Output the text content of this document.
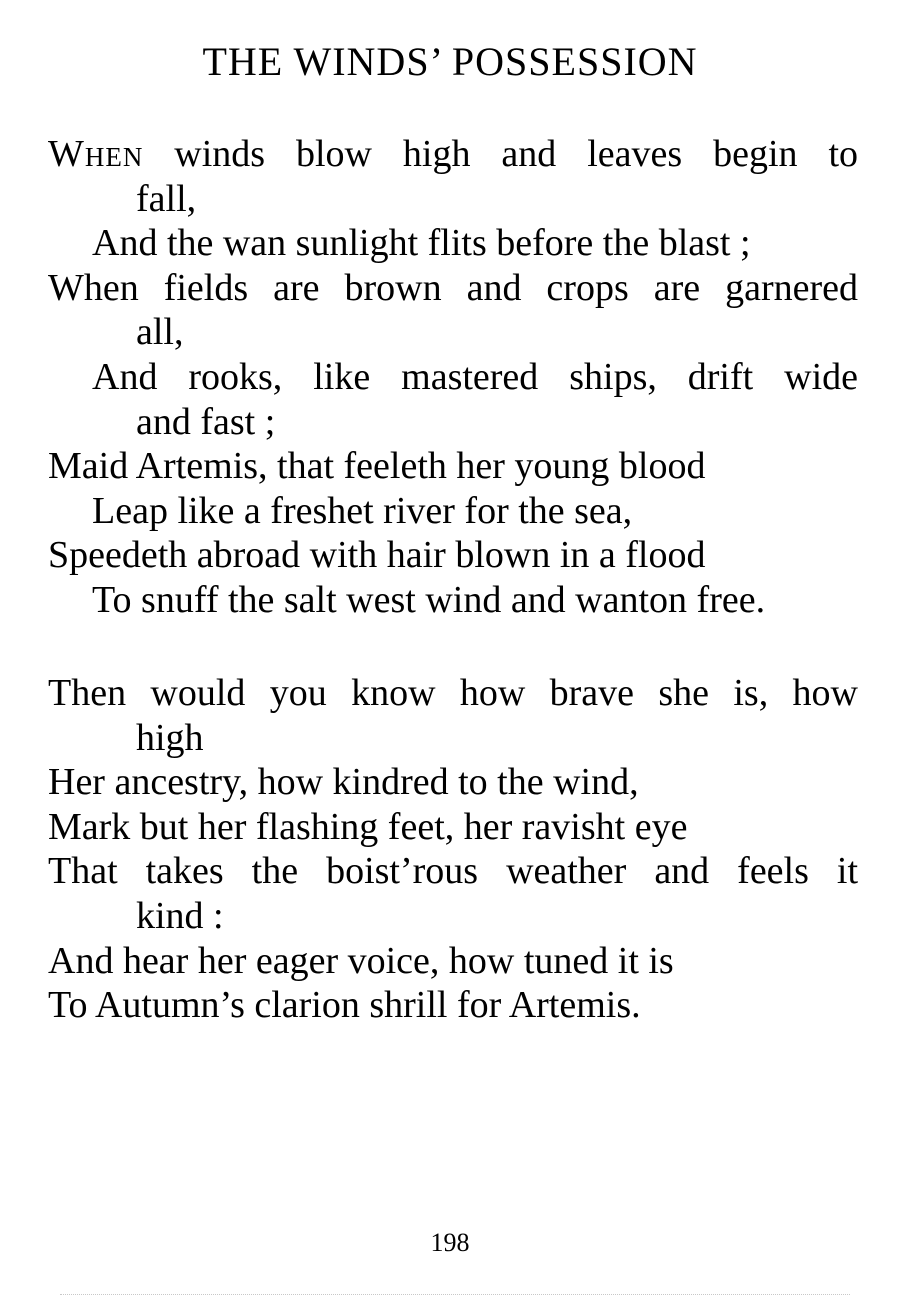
THE WINDS’ POSSESSION
When winds blow high and leaves begin to
fall,
And the wan sunlight flits before the blast ;
When fields are brown and crops are garnered
all,
And rooks, like mastered ships, drift wide
and fast ;
Maid Artemis, that feeleth her young blood
Leap like a freshet river for the sea,
Speedeth abroad with hair blown in a flood
To snuff the salt west wind and wanton free.
Then would you know how brave she is, how
high
Her ancestry, how kindred to the wind,
Mark but her flashing feet, her ravisht eye
That takes the boist’rous weather and feels it
kind :
And hear her eager voice, how tuned it is
To Autumn’s clarion shrill for Artemis.
198
